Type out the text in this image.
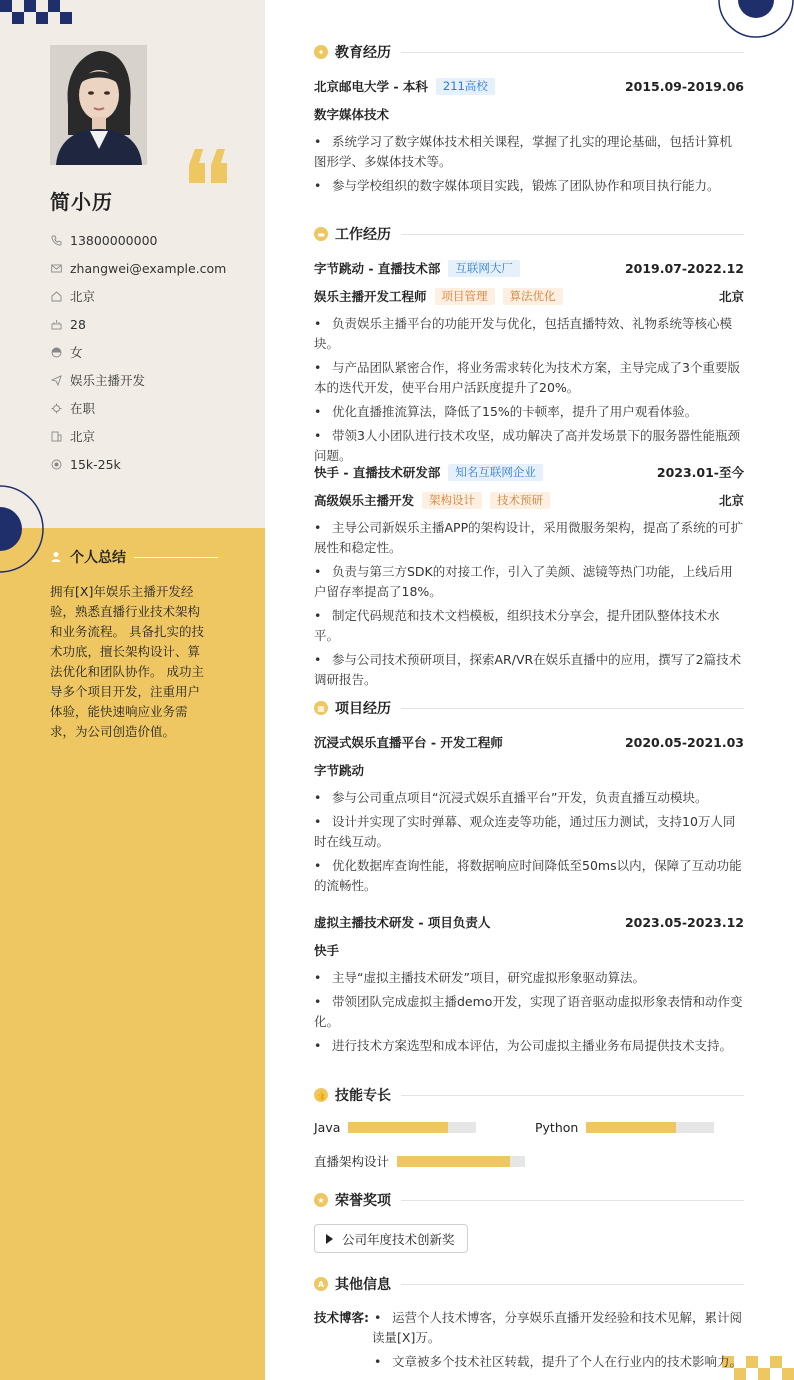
简小历
13800000000
zhangwei@example.com
北京
28
女
娱乐主播开发
在职
北京
15k-25k
个人总结
拥有[X]年娱乐主播开发经验，熟悉直播行业技术架构和业务流程。 具备扎实的技术功底，擅长架构设计、算法优化和团队协作。 成功主导多个项目开发，注重用户体验，能快速响应业务需求，为公司创造价值。
✦ 教育经历
北京邮电大学 - 本科	211高校	2015.09-2019.06
数字媒体技术
• 系统学习了数字媒体技术相关课程，掌握了扎实的理论基础，包括计算机图形学、多媒体技术等。
• 参与学校组织的数字媒体项目实践，锻炼了团队协作和项目执行能力。
▬ 工作经历
字节跳动 - 直播技术部	互联网大厂	2019.07-2022.12
娱乐主播开发工程师	项目管理	算法优化	北京
• 负责娱乐主播平台的功能开发与优化，包括直播特效、礼物系统等核心模块。
• 与产品团队紧密合作，将业务需求转化为技术方案，主导完成了3个重要版本的迭代开发，使平台用户活跃度提升了20%。
• 优化直播推流算法，降低了15%的卡顿率，提升了用户观看体验。
• 带领3人小团队进行技术攻坚，成功解决了高并发场景下的服务器性能瓶颈问题。
快手 - 直播技术研发部	知名互联网企业	2023.01-至今
高级娱乐主播开发	架构设计	技术预研	北京
• 主导公司新娱乐主播APP的架构设计，采用微服务架构，提高了系统的可扩展性和稳定性。
• 负责与第三方SDK的对接工作，引入了美颜、滤镜等热门功能，上线后用户留存率提高了18%。
• 制定代码规范和技术文档模板，组织技术分享会，提升团队整体技术水平。
• 参与公司技术预研项目，探索AR/VR在娱乐直播中的应用，撰写了2篇技术调研报告。
▦ 项目经历
沉浸式娱乐直播平台 - 开发工程师	2020.05-2021.03
字节跳动
• 参与公司重点项目“沉浸式娱乐直播平台”开发，负责直播互动模块。
• 设计并实现了实时弹幕、观众连麦等功能，通过压力测试，支持10万人同时在线互动。
• 优化数据库查询性能，将数据响应时间降低至50ms以内，保障了互动功能的流畅性。
虚拟主播技术研发 - 项目负责人	2023.05-2023.12
快手
• 主导“虚拟主播技术研发”项目，研究虚拟形象驱动算法。
• 带领团队完成虚拟主播demo开发，实现了语音驱动虚拟形象表情和动作变化。
• 进行技术方案选型和成本评估，为公司虚拟主播业务布局提供技术支持。
👍 技能专长
Java	Python
直播架构设计
★ 荣誉奖项
公司年度技术创新奖
A 其他信息
技术博客:
•	运营个人技术博客，分享娱乐直播开发经验和技术见解，累计阅读量[X]万。
• 文章被多个技术社区转载，提升了个人在行业内的技术影响力。
